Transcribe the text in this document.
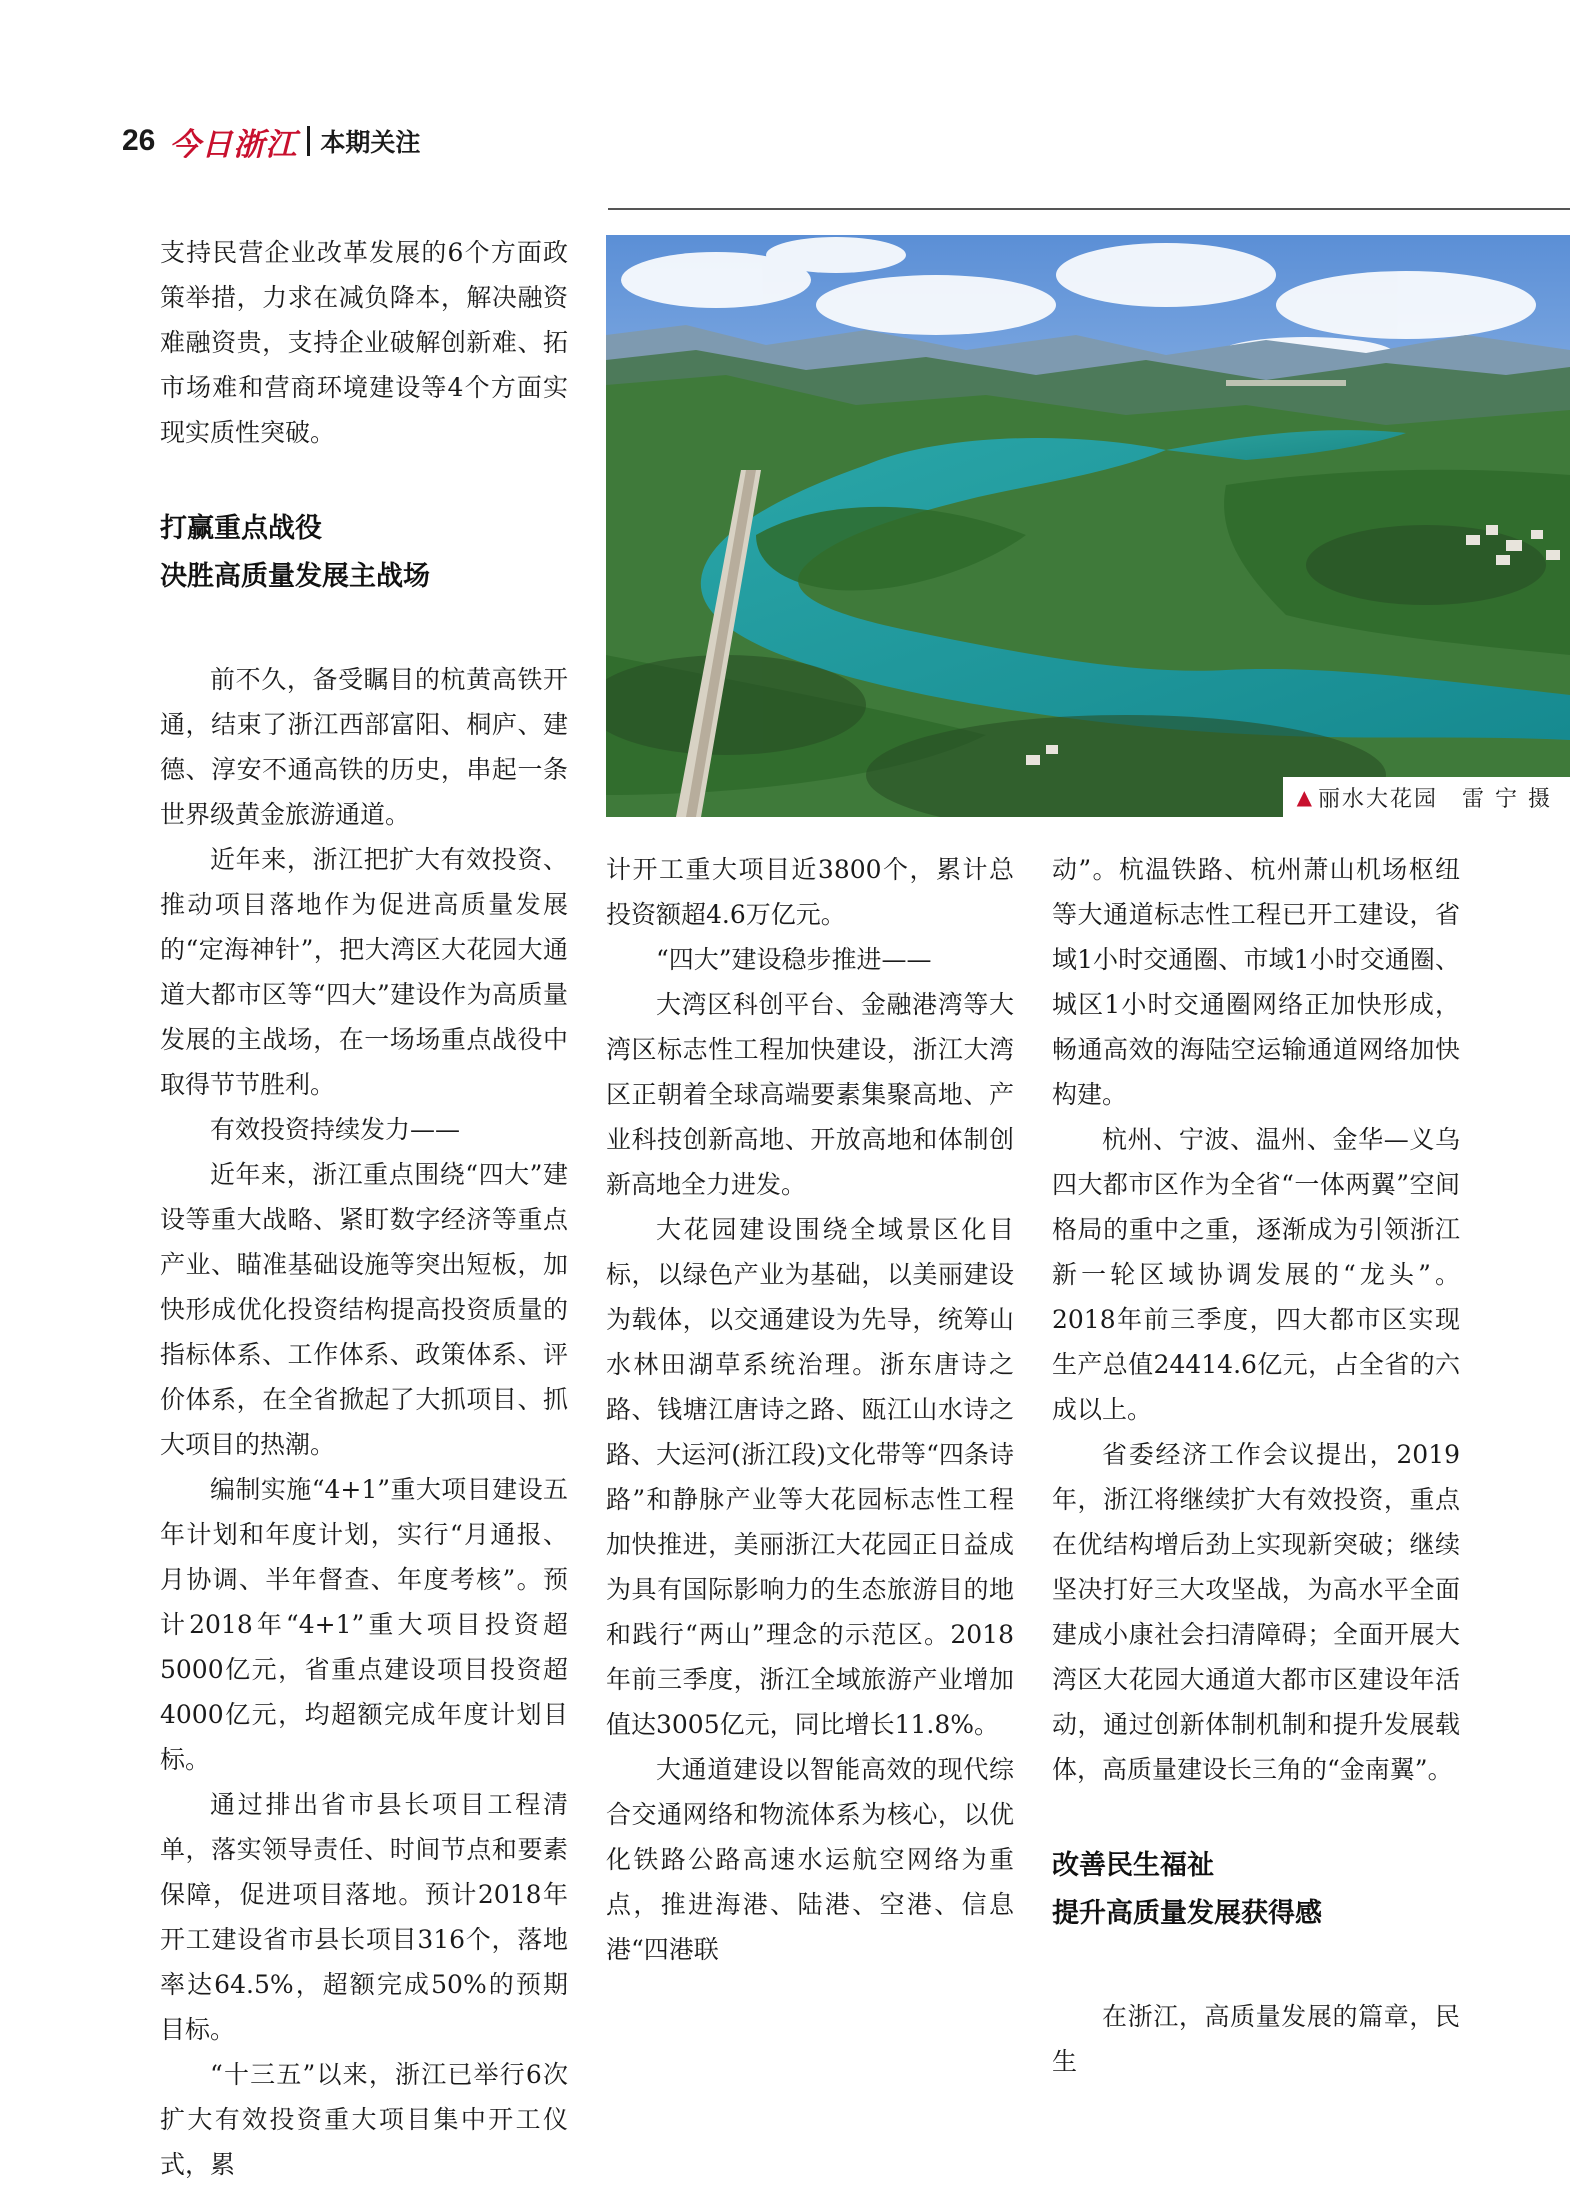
26 今日浙江 本期关注
▲ 丽水大花园　雷 宁 摄

支持民营企业改革发展的6个方面政策举措，力求在减负降本，解决融资难融资贵，支持企业破解创新难、拓市场难和营商环境建设等4个方面实现实质性突破。

打赢重点战役
决胜高质量发展主战场

前不久，备受瞩目的杭黄高铁开通，结束了浙江西部富阳、桐庐、建德、淳安不通高铁的历史，串起一条世界级黄金旅游通道。

近年来，浙江把扩大有效投资、推动项目落地作为促进高质量发展的“定海神针”，把大湾区大花园大通道大都市区等“四大”建设作为高质量发展的主战场，在一场场重点战役中取得节节胜利。

有效投资持续发力——

近年来，浙江重点围绕“四大”建设等重大战略、紧盯数字经济等重点产业、瞄准基础设施等突出短板，加快形成优化投资结构提高投资质量的指标体系、工作体系、政策体系、评价体系，在全省掀起了大抓项目、抓大项目的热潮。

编制实施“4+1”重大项目建设五年计划和年度计划，实行“月通报、月协调、半年督查、年度考核”。预计2018年“4+1”重大项目投资超5000亿元，省重点建设项目投资超4000亿元，均超额完成年度计划目标。

通过排出省市县长项目工程清单，落实领导责任、时间节点和要素保障，促进项目落地。预计2018年开工建设省市县长项目316个，落地率达64.5%，超额完成50%的预期目标。

“十三五”以来，浙江已举行6次扩大有效投资重大项目集中开工仪式，累

计开工重大项目近3800个，累计总投资额超4.6万亿元。

“四大”建设稳步推进——

大湾区科创平台、金融港湾等大湾区标志性工程加快建设，浙江大湾区正朝着全球高端要素集聚高地、产业科技创新高地、开放高地和体制创新高地全力进发。

大花园建设围绕全域景区化目标，以绿色产业为基础，以美丽建设为载体，以交通建设为先导，统筹山水林田湖草系统治理。浙东唐诗之路、钱塘江唐诗之路、瓯江山水诗之路、大运河(浙江段)文化带等“四条诗路”和静脉产业等大花园标志性工程加快推进，美丽浙江大花园正日益成为具有国际影响力的生态旅游目的地和践行“两山”理念的示范区。2018年前三季度，浙江全域旅游产业增加值达3005亿元，同比增长11.8%。

大通道建设以智能高效的现代综合交通网络和物流体系为核心，以优化铁路公路高速水运航空网络为重点，推进海港、陆港、空港、信息港“四港联

动”。杭温铁路、杭州萧山机场枢纽等大通道标志性工程已开工建设，省域1小时交通圈、市域1小时交通圈、城区1小时交通圈网络正加快形成，畅通高效的海陆空运输通道网络加快构建。

杭州、宁波、温州、金华—义乌四大都市区作为全省“一体两翼”空间格局的重中之重，逐渐成为引领浙江新一轮区域协调发展的“龙头”。2018年前三季度，四大都市区实现生产总值24414.6亿元，占全省的六成以上。

省委经济工作会议提出，2019年，浙江将继续扩大有效投资，重点在优结构增后劲上实现新突破；继续坚决打好三大攻坚战，为高水平全面建成小康社会扫清障碍；全面开展大湾区大花园大通道大都市区建设年活动，通过创新体制机制和提升发展载体，高质量建设长三角的“金南翼”。

改善民生福祉
提升高质量发展获得感

在浙江，高质量发展的篇章，民生
